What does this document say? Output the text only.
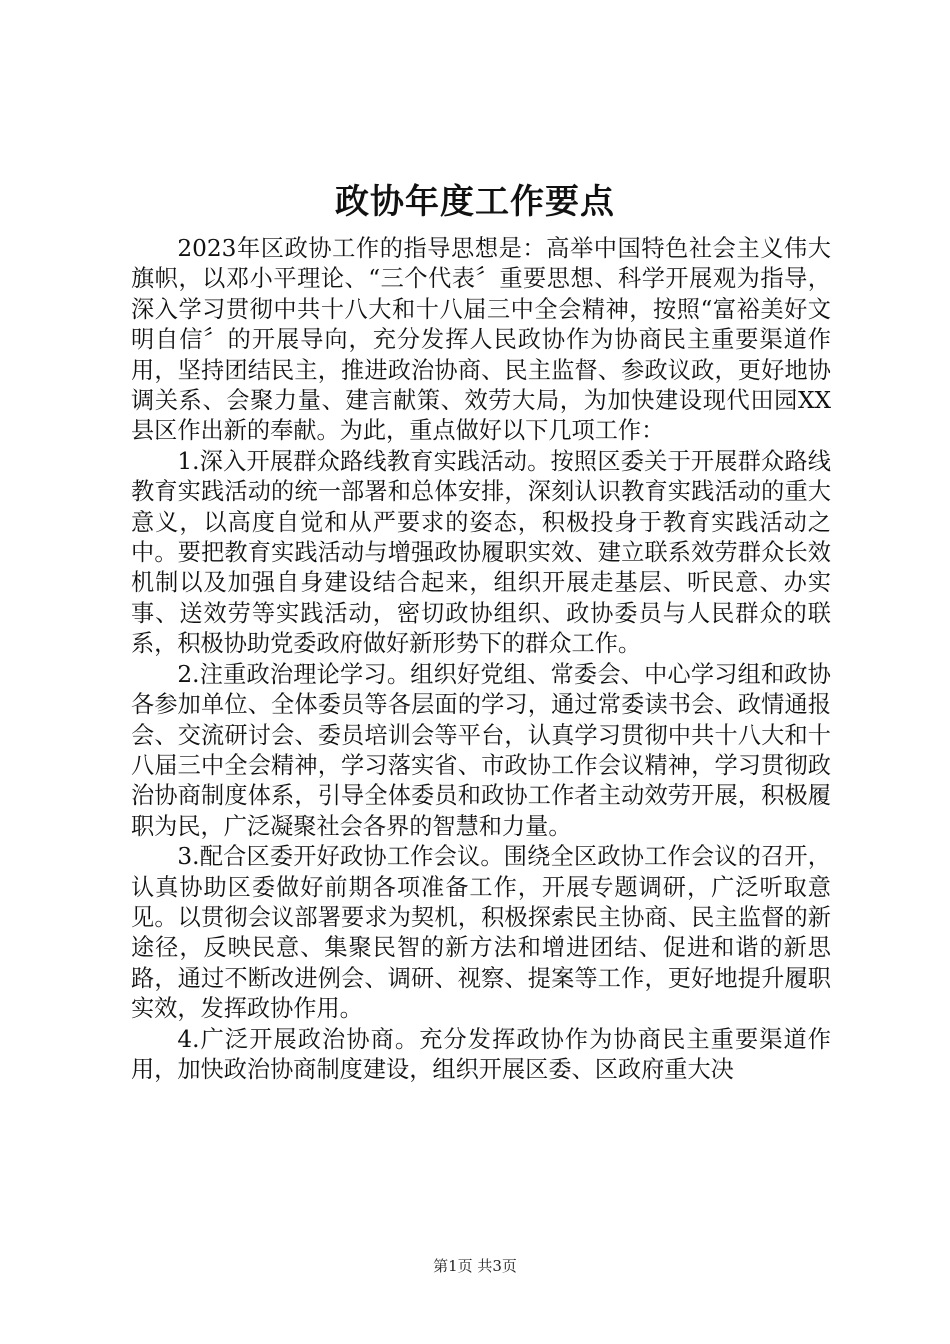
政协年度工作要点

2023年区政协工作的指导思想是：高举中国特色社会主义伟大旗帜，以邓小平理论、“三个代表〞重要思想、科学开展观为指导，深入学习贯彻中共十八大和十八届三中全会精神，按照“富裕美好文明自信〞的开展导向，充分发挥人民政协作为协商民主重要渠道作用，坚持团结民主，推进政治协商、民主监督、参政议政，更好地协调关系、会聚力量、建言献策、效劳大局，为加快建设现代田园XX县区作出新的奉献。为此，重点做好以下几项工作：

1.深入开展群众路线教育实践活动。按照区委关于开展群众路线教育实践活动的统一部署和总体安排，深刻认识教育实践活动的重大意义，以高度自觉和从严要求的姿态，积极投身于教育实践活动之中。要把教育实践活动与增强政协履职实效、建立联系效劳群众长效机制以及加强自身建设结合起来，组织开展走基层、听民意、办实事、送效劳等实践活动，密切政协组织、政协委员与人民群众的联系，积极协助党委政府做好新形势下的群众工作。

2.注重政治理论学习。组织好党组、常委会、中心学习组和政协各参加单位、全体委员等各层面的学习，通过常委读书会、政情通报会、交流研讨会、委员培训会等平台，认真学习贯彻中共十八大和十八届三中全会精神，学习落实省、市政协工作会议精神，学习贯彻政治协商制度体系，引导全体委员和政协工作者主动效劳开展，积极履职为民，广泛凝聚社会各界的智慧和力量。

3.配合区委开好政协工作会议。围绕全区政协工作会议的召开，认真协助区委做好前期各项准备工作，开展专题调研，广泛听取意见。以贯彻会议部署要求为契机，积极探索民主协商、民主监督的新途径，反映民意、集聚民智的新方法和增进团结、促进和谐的新思路，通过不断改进例会、调研、视察、提案等工作，更好地提升履职实效，发挥政协作用。

4.广泛开展政治协商。充分发挥政协作为协商民主重要渠道作用，加快政治协商制度建设，组织开展区委、区政府重大决

第1页 共3页
